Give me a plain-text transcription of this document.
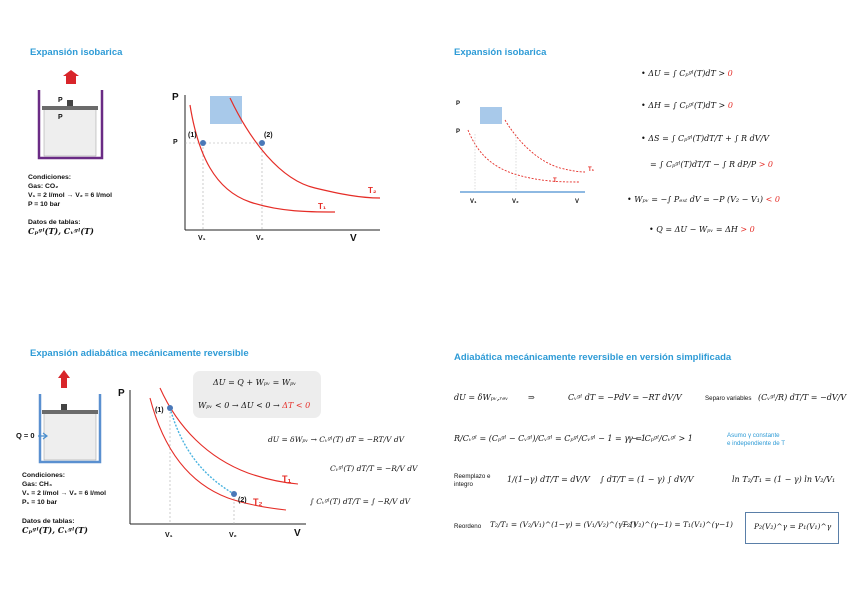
Expansión isobarica
P
P
Condiciones:
Gas: CO₂
V₁ = 2 l/mol → V₂ = 6 l/mol
P = 10 bar
Datos de tablas:
Cₚᵍˡ(T), Cᵥᵍˡ(T)
P
V
P
V₁	V₂
(1)	(2)
T₁
T₂
Expansión isobarica
P
P
V₁	V₂	V
T₁
T
• ΔU = ∫ Cₚᵍˡ(T)dT > 0
• ΔH = ∫ Cₚᵍˡ(T)dT > 0
• ΔS = ∫ Cₚᵍˡ(T)dT/T + ∫ R dV/V
= ∫ Cₚᵍˡ(T)dT/T − ∫ R dP/P > 0
• Wₚᵥ = −∫ Pₑₓₜ dV = −P (V₂ − V₁) < 0
• Q = ΔU − Wₚᵥ = ΔH > 0
Expansión adiabática mecánicamente reversible
Q = 0
Condiciones:
Gas: CH₄
V₁ = 2 l/mol → V₂ = 6 l/mol
P₁ = 10 bar
Datos de tablas:
Cₚᵍˡ(T), Cᵥᵍˡ(T)
ΔU = Q + Wₚᵥ = Wₚᵥ
Wₚᵥ < 0 → ΔU < 0 → ΔT < 0
dU = δWₚᵥ → Cᵥᵍˡ(T) dT = −RT/V dV
Cᵥᵍˡ(T) dT/T = −R/V dV
∫ Cᵥᵍˡ(T) dT/T = ∫ −R/V dV
P
V
V₁	V₂
(1)
(2)
T₁
T₂
Adiabática mecánicamente reversible en versión simplificada
dU = δWₚᵥ,ᵣₑᵥ ⇒	Cᵥᵍˡ dT = −PdV = −RT dV/V	Separo variables (Cᵥᵍˡ/R) dT/T = −dV/V
R/Cᵥᵍˡ = (Cₚᵍˡ − Cᵥᵍˡ)/Cᵥᵍˡ = Cₚᵍˡ/Cᵥᵍˡ − 1 = γ − 1
γ = Cₚᵍˡ/Cᵥᵍˡ > 1	Asumo γ constante
e independiente de T
Reemplazo e
integro
1/(1−γ) dT/T = dV/V ∫ dT/T = (1 − γ) ∫ dV/V	ln T₂/T₁ = (1 − γ) ln V₂/V₁
Reordeno T₂/T₁ = (V₂/V₁)^(1−γ) = (V₁/V₂)^(γ−1)
T₂(V₂)^(γ−1) = T₁(V₁)^(γ−1)	P₂(V₂)^γ = P₁(V₁)^γ
